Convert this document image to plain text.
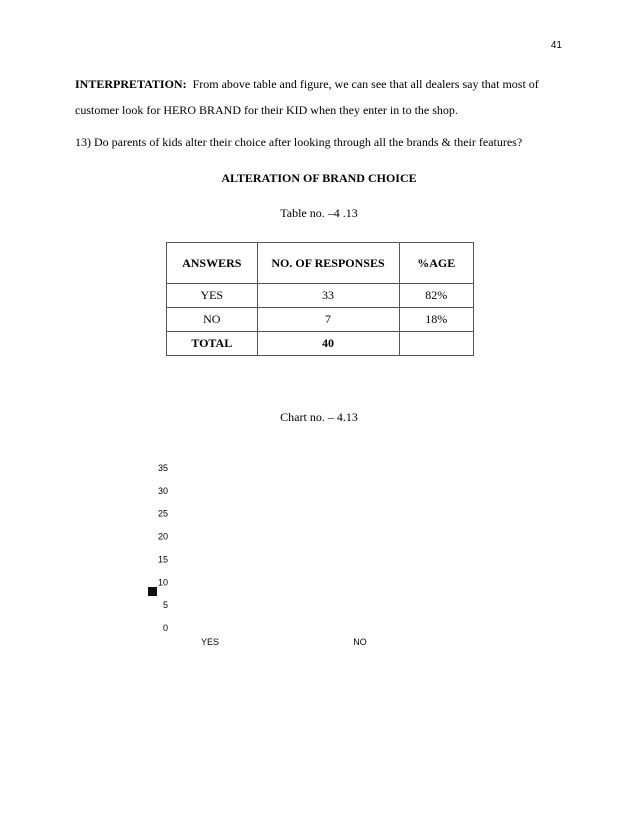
41
INTERPRETATION: From above table and figure, we can see that all dealers say that most of customer look for HERO BRAND for their KID when they enter in to the shop.
13) Do parents of kids alter their choice after looking through all the brands & their features?
ALTERATION OF BRAND CHOICE
Table no. –4 .13
ANSWERS	NO. OF RESPONSES	%AGE
YES	33	82%
NO	7	18%
TOTAL	40	
Chart no. – 4.13
0
5
10
15
20
25
30
35
YES	NO
